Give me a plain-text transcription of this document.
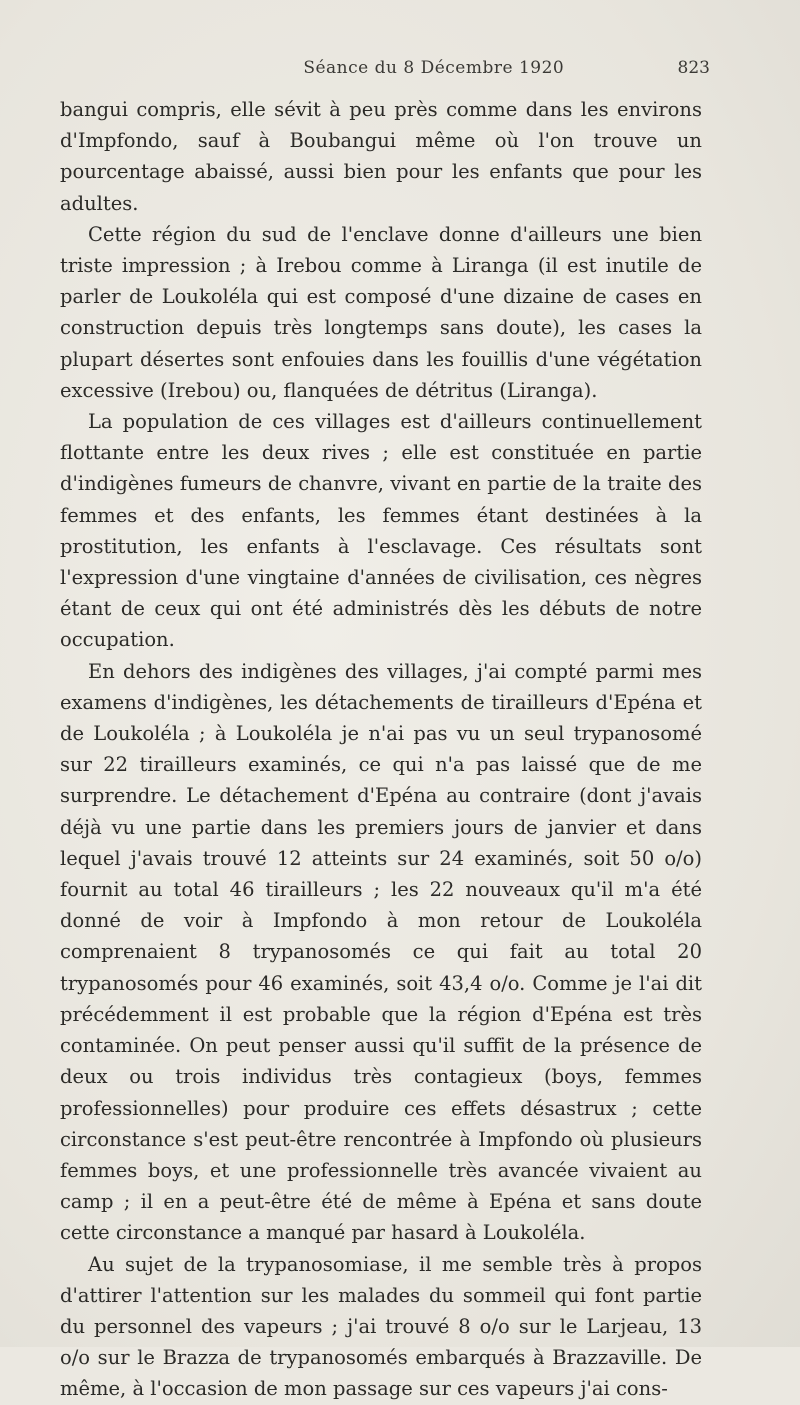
Séance du 8 Décembre 1920	823

bangui compris, elle sévit à peu près comme dans les environs d'Impfondo, sauf à Boubangui même où l'on trouve un pourcentage abaissé, aussi bien pour les enfants que pour les adultes.

Cette région du sud de l'enclave donne d'ailleurs une bien triste impression ; à Irebou comme à Liranga (il est inutile de parler de Loukoléla qui est composé d'une dizaine de cases en construction depuis très longtemps sans doute), les cases la plupart désertes sont enfouies dans les fouillis d'une végétation excessive (Irebou) ou, flanquées de détritus (Liranga).

La population de ces villages est d'ailleurs continuellement flottante entre les deux rives ; elle est constituée en partie d'indigènes fumeurs de chanvre, vivant en partie de la traite des femmes et des enfants, les femmes étant destinées à la prostitution, les enfants à l'esclavage. Ces résultats sont l'expression d'une vingtaine d'années de civilisation, ces nègres étant de ceux qui ont été administrés dès les débuts de notre occupation.

En dehors des indigènes des villages, j'ai compté parmi mes examens d'indigènes, les détachements de tirailleurs d'Epéna et de Loukoléla ; à Loukoléla je n'ai pas vu un seul trypanosomé sur 22 tirailleurs examinés, ce qui n'a pas laissé que de me surprendre. Le détachement d'Epéna au contraire (dont j'avais déjà vu une partie dans les premiers jours de janvier et dans lequel j'avais trouvé 12 atteints sur 24 examinés, soit 50 o/o) fournit au total 46 tirailleurs ; les 22 nouveaux qu'il m'a été donné de voir à Impfondo à mon retour de Loukoléla comprenaient 8 trypanosomés ce qui fait au total 20 trypanosomés pour 46 examinés, soit 43,4 o/o. Comme je l'ai dit précédemment il est probable que la région d'Epéna est très contaminée. On peut penser aussi qu'il suffit de la présence de deux ou trois individus très contagieux (boys, femmes professionnelles) pour produire ces effets désastrux ; cette circonstance s'est peut-être rencontrée à Impfondo où plusieurs femmes boys, et une professionnelle très avancée vivaient au camp ; il en a peut-être été de même à Epéna et sans doute cette circonstance a manqué par hasard à Loukoléla.

Au sujet de la trypanosomiase, il me semble très à propos d'attirer l'attention sur les malades du sommeil qui font partie du personnel des vapeurs ; j'ai trouvé 8 o/o sur le Larjeau, 13 o/o sur le Brazza de trypanosomés embarqués à Brazzaville. De même, à l'occasion de mon passage sur ces vapeurs j'ai cons-
